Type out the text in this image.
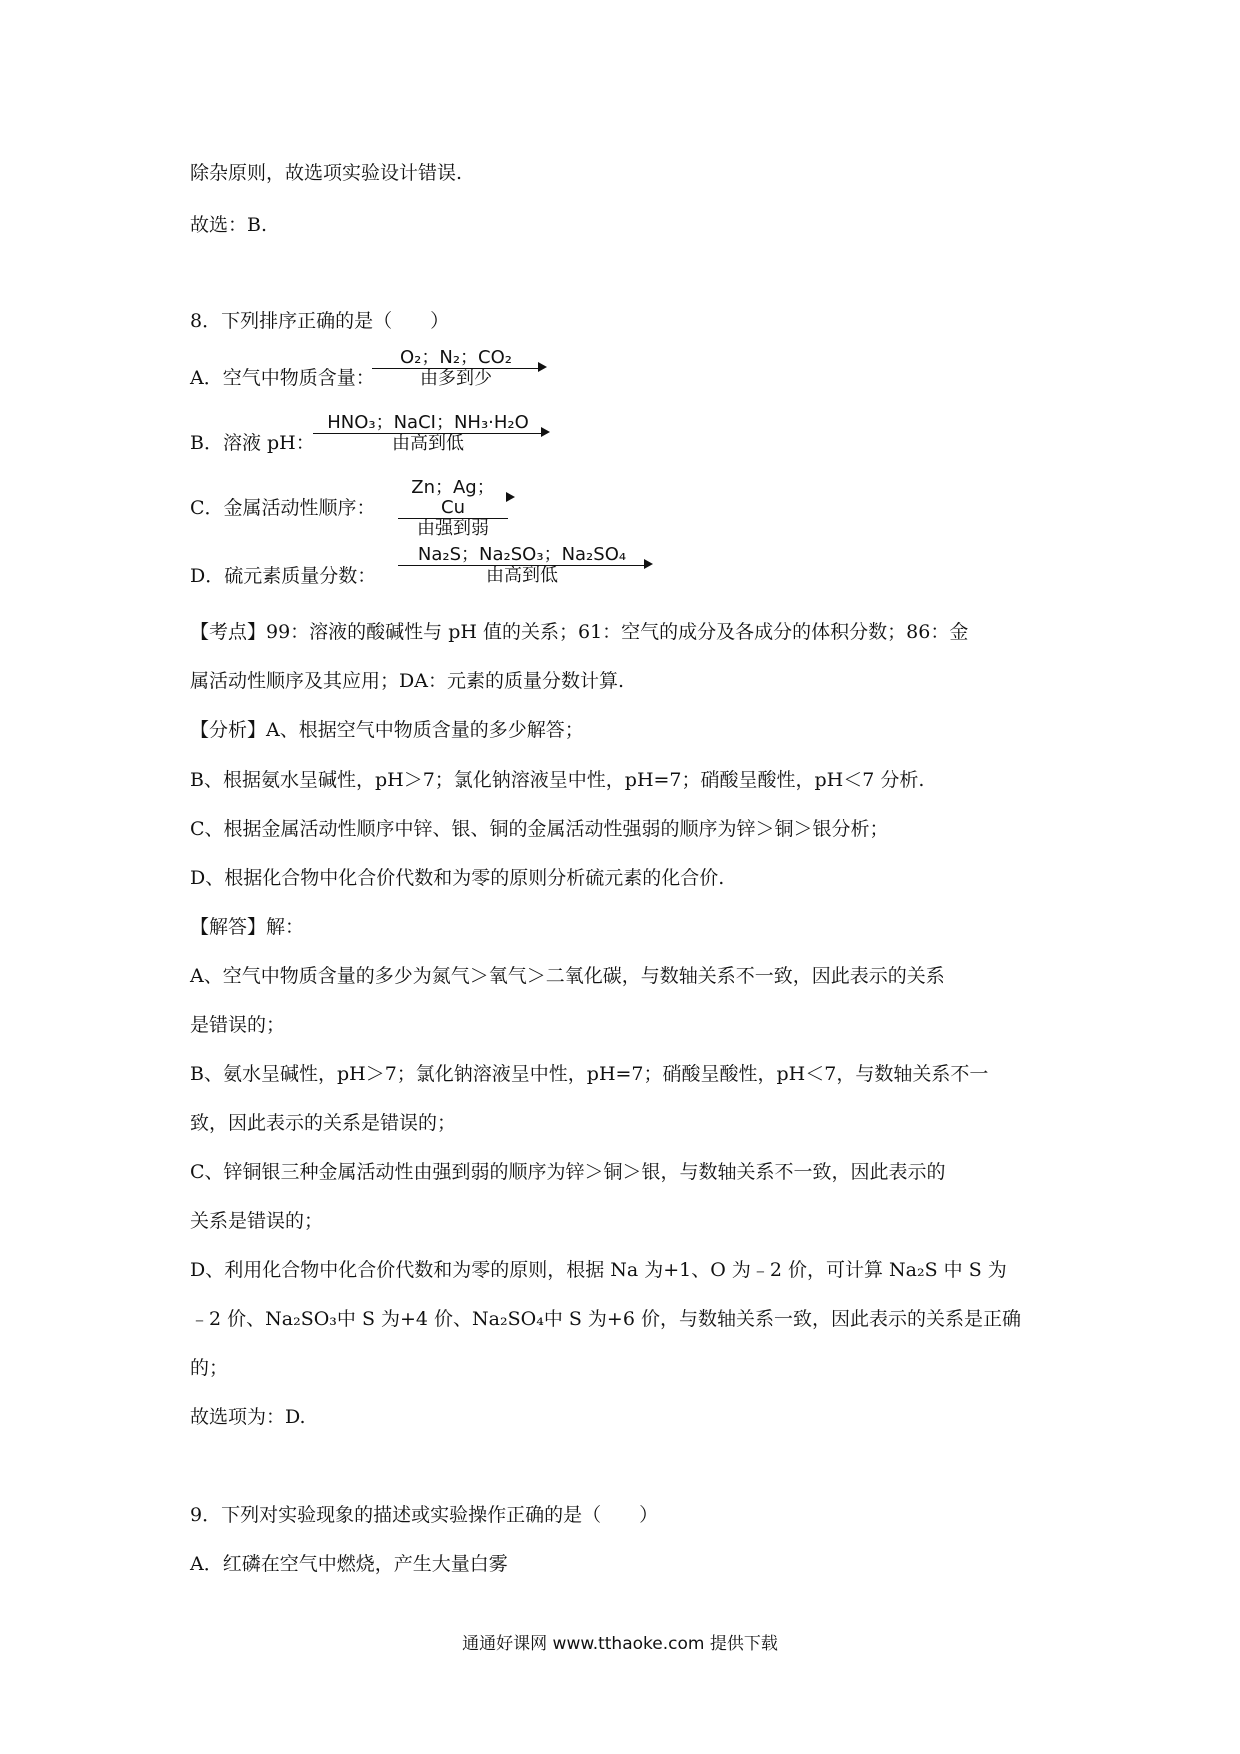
除杂原则，故选项实验设计错误.
故选：B.
8．下列排序正确的是（　　）
A．空气中物质含量：
O₂；N₂；CO₂
由多到少
B．溶液 pH：
HNO₃；NaCI；NH₃·H₂O
由高到低
C．金属活动性顺序：
Zn；Ag；Cu
由强到弱
D．硫元素质量分数：
Na₂S；Na₂SO₃；Na₂SO₄
由高到低
【考点】99：溶液的酸碱性与 pH 值的关系；61：空气的成分及各成分的体积分数；86：金
属活动性顺序及其应用；DA：元素的质量分数计算.
【分析】A、根据空气中物质含量的多少解答；
B、根据氨水呈碱性，pH＞7；氯化钠溶液呈中性，pH=7；硝酸呈酸性，pH＜7 分析.
C、根据金属活动性顺序中锌、银、铜的金属活动性强弱的顺序为锌＞铜＞银分析；
D、根据化合物中化合价代数和为零的原则分析硫元素的化合价.
【解答】解：
A、空气中物质含量的多少为氮气＞氧气＞二氧化碳，与数轴关系不一致，因此表示的关系
是错误的；
B、氨水呈碱性，pH＞7；氯化钠溶液呈中性，pH=7；硝酸呈酸性，pH＜7，与数轴关系不一
致，因此表示的关系是错误的；
C、锌铜银三种金属活动性由强到弱的顺序为锌＞铜＞银，与数轴关系不一致，因此表示的
关系是错误的；
D、利用化合物中化合价代数和为零的原则，根据 Na 为+1、O 为﹣2 价，可计算 Na₂S 中 S 为
﹣2 价、Na₂SO₃中 S 为+4 价、Na₂SO₄中 S 为+6 价，与数轴关系一致，因此表示的关系是正确
的；
故选项为：D.
9．下列对实验现象的描述或实验操作正确的是（　　）
A．红磷在空气中燃烧，产生大量白雾
通通好课网 www.tthaoke.com 提供下载
